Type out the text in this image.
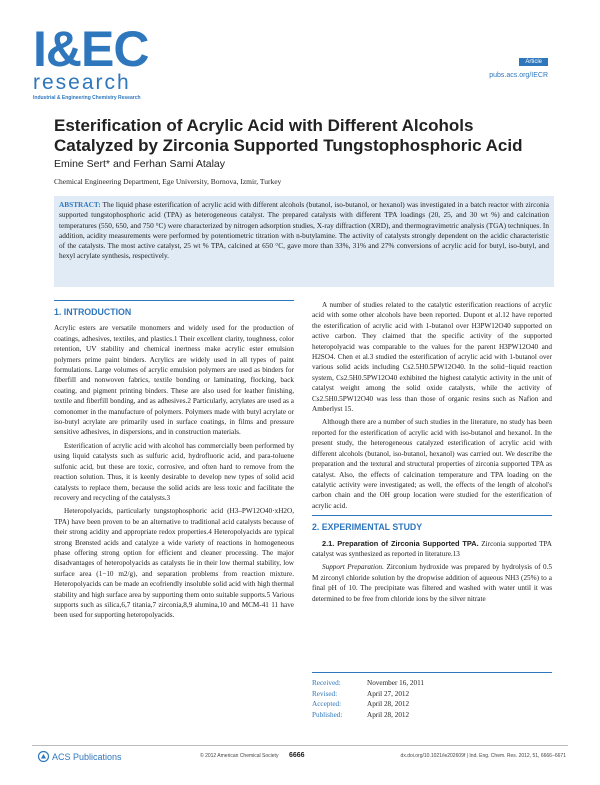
I&EC
research
Industrial & Engineering Chemistry Research
Article
pubs.acs.org/IECR
Esterification of Acrylic Acid with Different Alcohols Catalyzed by Zirconia Supported Tungstophosphoric Acid
Emine Sert* and Ferhan Sami Atalay
Chemical Engineering Department, Ege University, Bornova, Izmir, Turkey
ABSTRACT: The liquid phase esterification of acrylic acid with different alcohols (butanol, iso-butanol, or hexanol) was investigated in a batch reactor with zirconia supported tungstophosphoric acid (TPA) as heterogeneous catalyst. The prepared catalysts with different TPA loadings (20, 25, and 30 wt %) and calcination temperatures (550, 650, and 750 °C) were characterized by nitrogen adsorption studies, X-ray diffraction (XRD), and thermogravimetric analysis (TGA) techniques. In addition, acidity measurements were performed by potentiometric titration with n-butylamine. The activity of catalysts strongly dependent on the acidic characteristic of the catalysts. The most active catalyst, 25 wt % TPA, calcined at 650 °C, gave more than 33%, 31% and 27% conversions of acrylic acid for butyl, iso-butyl, and hexyl acrylate synthesis, respectively.
1. INTRODUCTION

Acrylic esters are versatile monomers and widely used for the production of coatings, adhesives, textiles, and plastics.1 Their excellent clarity, toughness, color retention, UV stability and chemical inertness make acrylic ester emulsion polymers prime paint binders. Acrylics are widely used in all types of paint formulations. Large volumes of acrylic emulsion polymers are used as binders for fiberfill and nonwoven fabrics, textile bonding or laminating, flocking, back coating, and pigment printing binders. These are also used for leather finishing, textile and fiberfill bonding, and as adhesives.2 Particularly, acrylates are used as a comonomer in the manufacture of polymers. Polymers made with butyl acrylate or iso-butyl acrylate are primarily used in surface coatings, in films and pressure sensitive adhesives, in dispersions, and in construction materials.

Esterification of acrylic acid with alcohol has commercially been performed by using liquid catalysts such as sulfuric acid, hydrofluoric acid, and para-toluene sulfonic acid, but these are toxic, corrosive, and often hard to remove from the reaction solution. Thus, it is keenly desirable to develop new types of solid acid catalysts to replace them, because the solid acids are less toxic and facilitate the recovery and recycling of the catalysts.3

Heteropolyacids, particularly tungstophosphoric acid (H3–PW12O40·xH2O, TPA) have been proven to be an alternative to traditional acid catalysts because of their strong acidity and appropriate redox properties.4 Heteropolyacids are typical strong Brønsted acids and catalyze a wide variety of reactions in homogeneous phase offering strong option for efficient and cleaner processing. The major disadvantages of heteropolyacids as catalysts lie in their low thermal stability, low surface area (1−10 m2/g), and separation problems from reaction mixture. Heteropolyacids can be made an ecofriendly insoluble solid acid with high thermal stability and high surface area by supporting them onto suitable supports.5 Various supports such as silica,6,7 titania,7 zirconia,8,9 alumina,10 and MCM-41 11 have been used for supporting heteropolyacids.

A number of studies related to the catalytic esterification reactions of acrylic acid with some other alcohols have been reported. Dupont et al.12 have reported the esterification of acrylic acid with 1-butanol over H3PW12O40 supported on active carbon. They claimed that the specific activity of the supported heteropolyacid was comparable to the values for the parent H3PW12O40 and H2SO4. Chen et al.3 studied the esterification of acrylic acid with 1-butanol over various solid acids including Cs2.5H0.5PW12O40. In the solid−liquid reaction system, Cs2.5H0.5PW12O40 exhibited the highest catalytic activity in the unit of catalyst weight among the solid oxide catalysts, while the activity of Cs2.5H0.5PW12O40 was less than those of organic resins such as Nafion and Amberlyst 15.

Although there are a number of such studies in the literature, no study has been reported for the esterification of acrylic acid with iso-butanol and hexanol. In the present study, the heterogeneous catalyzed esterification of acrylic acid with different alcohols (butanol, iso-butanol, hexanol) was carried out. We describe the preparation and the textural and structural properties of zirconia supported TPA as catalyst. Also, the effects of calcination temperature and TPA loading on the catalytic activity were investigated; as well, the effects of the length of alcohol's carbon chain and the OH group location were studied for the esterification of acrylic acid.

2. EXPERIMENTAL STUDY

2.1. Preparation of Zirconia Supported TPA. Zirconia supported TPA catalyst was synthesized as reported in literature.13

Support Preparation. Zirconium hydroxide was prepared by hydrolysis of 0.5 M zirconyl chloride solution by the dropwise addition of aqueous NH3 (25%) to a final pH of 10. The precipitate was filtered and washed with water until it was determined to be free from chloride ions by the silver nitrate

Received:	November 16, 2011
Revised:	April 27, 2012
Accepted:	April 28, 2012
Published:	April 28, 2012
ACS Publications	© 2012 American Chemical Society 6666	dx.doi.org/10.1021/ie202609f | Ind. Eng. Chem. Res. 2012, 51, 6666−6671
